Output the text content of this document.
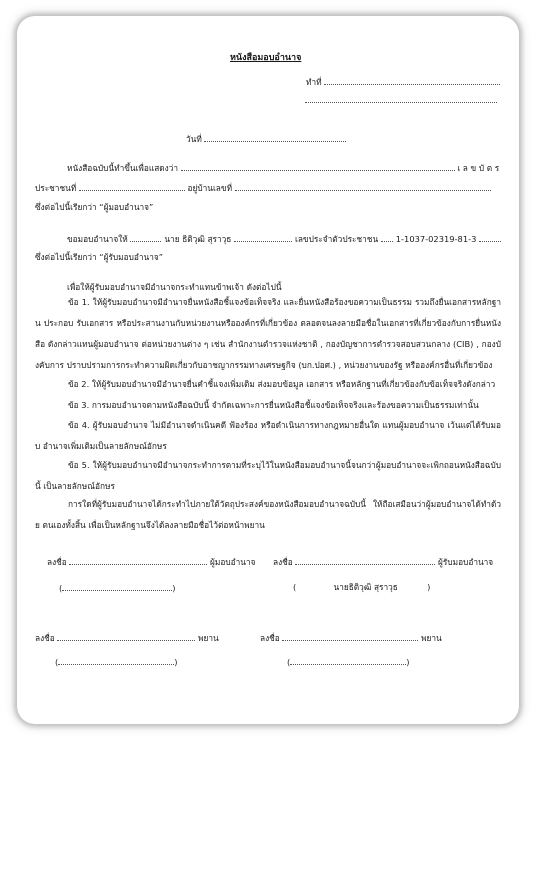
หนังสือมอบอำนาจ
ทำที่
วันที่
หนังสือฉบับนี้ทำขึ้นเพื่อแสดงว่า	เ ล ข บั ต ร
ประชาชนที่	อยู่บ้านเลขที่
ซึ่งต่อไปนี้เรียกว่า “ผู้มอบอำนาจ”
ขอมอบอำนาจให้	นาย ธิติวุฒิ สุราวุธ	เลขประจำตัวประชาชน 1-1037-02319-81-3
ซึ่งต่อไปนี้เรียกว่า “ผู้รับมอบอำนาจ”
เพื่อให้ผู้รับมอบอำนาจมีอำนาจกระทำแทนข้าพเจ้า ดังต่อไปนี้
ข้อ 1. ให้ผู้รับมอบอำนาจมีอำนาจยื่นหนังสือชี้แจงข้อเท็จจริง และยื่นหนังสือร้องขอความเป็นธรรม รวมถึงยื่นเอกสารหลักฐาน ประกอบ รับเอกสาร หรือประสานงานกับหน่วยงานหรือองค์กรที่เกี่ยวข้อง ตลอดจนลงลายมือชื่อในเอกสารที่เกี่ยวข้องกับการยื่นหนังสือ ดังกล่าวแทนผู้มอบอำนาจ ต่อหน่วยงานต่าง ๆ เช่น สำนักงานตำรวจแห่งชาติ , กองบัญชาการตำรวจสอบสวนกลาง (CIB) , กองบังคับการ ปราบปรามการกระทำความผิดเกี่ยวกับอาชญากรรมทางเศรษฐกิจ (บก.ปอศ.) , หน่วยงานของรัฐ หรือองค์กรอื่นที่เกี่ยวข้อง
ข้อ 2. ให้ผู้รับมอบอำนาจมีอำนาจยื่นคำชี้แจงเพิ่มเติม ส่งมอบข้อมูล เอกสาร หรือหลักฐานที่เกี่ยวข้องกับข้อเท็จจริงดังกล่าว
ข้อ 3. การมอบอำนาจตามหนังสือฉบับนี้ จำกัดเฉพาะการยื่นหนังสือชี้แจงข้อเท็จจริงและร้องขอความเป็นธรรมเท่านั้น
ข้อ 4. ผู้รับมอบอำนาจ ไม่มีอำนาจดำเนินคดี ฟ้องร้อง หรือดำเนินการทางกฎหมายอื่นใด แทนผู้มอบอำนาจ เว้นแต่ได้รับมอบ อำนาจเพิ่มเติมเป็นลายลักษณ์อักษร
ข้อ 5. ให้ผู้รับมอบอำนาจมีอำนาจกระทำการตามที่ระบุไว้ในหนังสือมอบอำนาจนี้จนกว่าผู้มอบอำนาจจะเพิกถอนหนังสือฉบับนี้ เป็นลายลักษณ์อักษร
การใดที่ผู้รับมอบอำนาจได้กระทำไปภายใต้วัตถุประสงค์ของหนังสือมอบอำนาจฉบับนี้ ให้ถือเสมือนว่าผู้มอบอำนาจได้ทำด้วย ตนเองทั้งสิ้น เพื่อเป็นหลักฐานจึงได้ลงลายมือชื่อไว้ต่อหน้าพยาน
ลงชื่อ	ผู้มอบอำนาจ ลงชื่อ	ผู้รับมอบอำนาจ
(	)	(	นายธิติวุฒิ สุราวุธ	)
ลงชื่อ	พยาน	ลงชื่อ	พยาน
(	)	(	)
